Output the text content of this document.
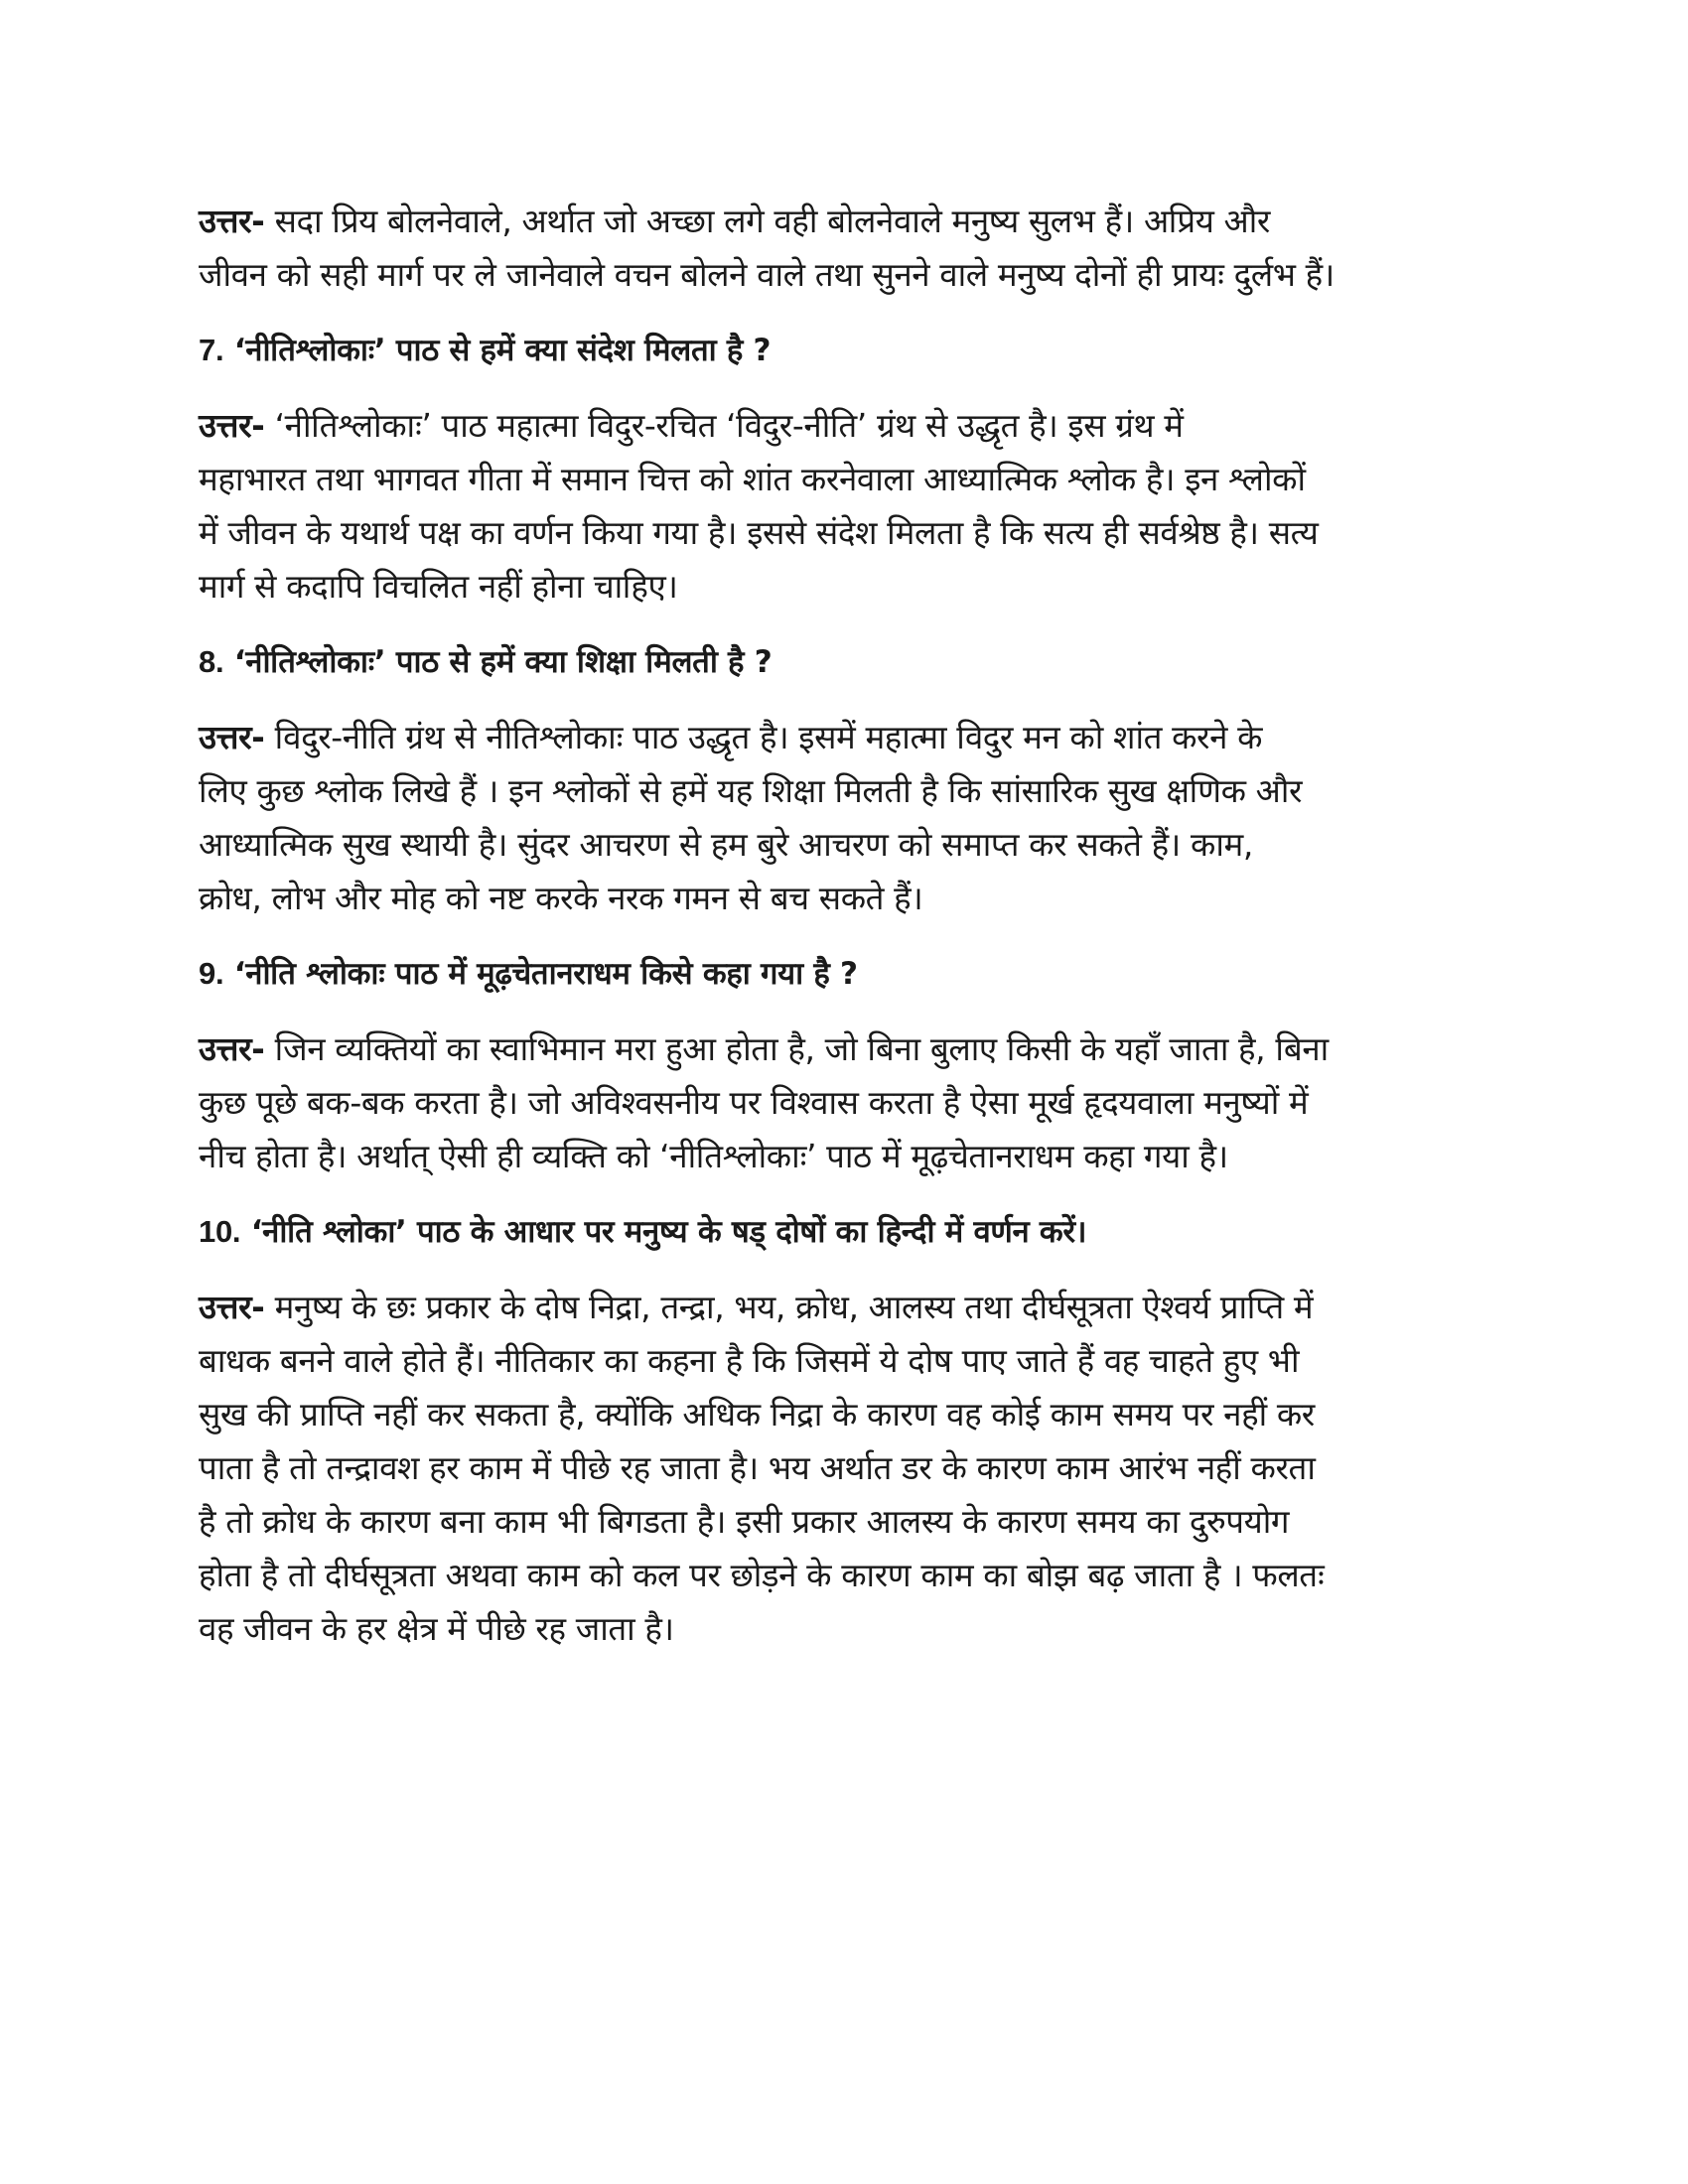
उत्तर- सदा प्रिय बोलनेवाले, अर्थात जो अच्छा लगे वही बोलनेवाले मनुष्य सुलभ हैं। अप्रिय और
जीवन को सही मार्ग पर ले जानेवाले वचन बोलने वाले तथा सुनने वाले मनुष्य दोनों ही प्रायः दुर्लभ हैं।

7. ‘नीतिश्लोकाः’ पाठ से हमें क्या संदेश मिलता है ?

उत्तर- ‘नीतिश्लोकाः’ पाठ महात्मा विदुर-रचित ‘विदुर-नीति’ ग्रंथ से उद्धृत है। इस ग्रंथ में
महाभारत तथा भागवत गीता में समान चित्त को शांत करनेवाला आध्यात्मिक श्लोक है। इन श्लोकों
में जीवन के यथार्थ पक्ष का वर्णन किया गया है। इससे संदेश मिलता है कि सत्य ही सर्वश्रेष्ठ है। सत्य
मार्ग से कदापि विचलित नहीं होना चाहिए।

8. ‘नीतिश्लोकाः’ पाठ से हमें क्या शिक्षा मिलती है ?

उत्तर- विदुर-नीति ग्रंथ से नीतिश्लोकाः पाठ उद्धृत है। इसमें महात्मा विदुर मन को शांत करने के
लिए कुछ श्लोक लिखे हैं । इन श्लोकों से हमें यह शिक्षा मिलती है कि सांसारिक सुख क्षणिक और
आध्यात्मिक सुख स्थायी है। सुंदर आचरण से हम बुरे आचरण को समाप्त कर सकते हैं। काम,
क्रोध, लोभ और मोह को नष्ट करके नरक गमन से बच सकते हैं।

9. ‘नीति श्लोकाः पाठ में मूढ़चेतानराधम किसे कहा गया है ?

उत्तर- जिन व्यक्तियों का स्वाभिमान मरा हुआ होता है, जो बिना बुलाए किसी के यहाँ जाता है, बिना
कुछ पूछे बक-बक करता है। जो अविश्वसनीय पर विश्वास करता है ऐसा मूर्ख हृदयवाला मनुष्यों में
नीच होता है। अर्थात् ऐसी ही व्यक्ति को ‘नीतिश्लोकाः’ पाठ में मूढ़चेतानराधम कहा गया है।

10. ‘नीति श्लोका’ पाठ के आधार पर मनुष्य के षड् दोषों का हिन्दी में वर्णन करें।

उत्तर- मनुष्य के छः प्रकार के दोष निद्रा, तन्द्रा, भय, क्रोध, आलस्य तथा दीर्घसूत्रता ऐश्वर्य प्राप्ति में
बाधक बनने वाले होते हैं। नीतिकार का कहना है कि जिसमें ये दोष पाए जाते हैं वह चाहते हुए भी
सुख की प्राप्ति नहीं कर सकता है, क्योंकि अधिक निद्रा के कारण वह कोई काम समय पर नहीं कर
पाता है तो तन्द्रावश हर काम में पीछे रह जाता है। भय अर्थात डर के कारण काम आरंभ नहीं करता
है तो क्रोध के कारण बना काम भी बिगडता है। इसी प्रकार आलस्य के कारण समय का दुरुपयोग
होता है तो दीर्घसूत्रता अथवा काम को कल पर छोड़ने के कारण काम का बोझ बढ़ जाता है । फलतः
वह जीवन के हर क्षेत्र में पीछे रह जाता है।
